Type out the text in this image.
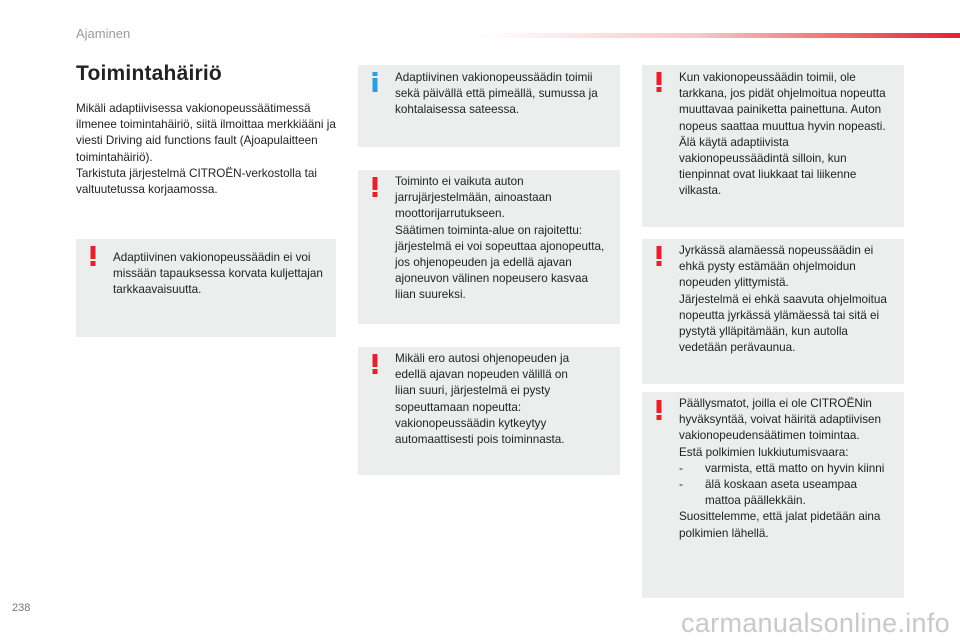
Ajaminen
Toimintahäiriö

Mikäli adaptiivisessa vakionopeussäätimessä ilmenee toimintahäiriö, siitä ilmoittaa merkkiääni ja viesti Driving aid functions fault (Ajoapulaitteen toimintahäiriö).

Tarkistuta järjestelmä CITROËN-verkostolla tai valtuutetussa korjaamossa.

Adaptiivinen vakionopeussäädin ei voi missään tapauksessa korvata kuljettajan tarkkaavaisuutta.

Adaptiivinen vakionopeussäädin toimii sekä päivällä että pimeällä, sumussa ja kohtalaisessa sateessa.

Toiminto ei vaikuta auton jarrujärjestelmään, ainoastaan moottorijarrutukseen.

Säätimen toiminta-alue on rajoitettu: järjestelmä ei voi sopeuttaa ajonopeutta, jos ohjenopeuden ja edellä ajavan ajoneuvon välinen nopeusero kasvaa liian suureksi.

Mikäli ero autosi ohjenopeuden ja edellä ajavan nopeuden välillä on liian suuri, järjestelmä ei pysty sopeuttamaan nopeutta: vakionopeussäädin kytkeytyy automaattisesti pois toiminnasta.

Kun vakionopeussäädin toimii, ole tarkkana, jos pidät ohjelmoitua nopeutta muuttavaa painiketta painettuna. Auton nopeus saattaa muuttua hyvin nopeasti.

Älä käytä adaptiivista vakionopeussäädintä silloin, kun tienpinnat ovat liukkaat tai liikenne vilkasta.

Jyrkässä alamäessä nopeussäädin ei ehkä pysty estämään ohjelmoidun nopeuden ylittymistä.

Järjestelmä ei ehkä saavuta ohjelmoitua nopeutta jyrkässä ylämäessä tai sitä ei pystytä ylläpitämään, kun autolla vedetään perävaunua.

Päällysmatot, joilla ei ole CITROËNin hyväksyntää, voivat häiritä adaptiivisen vakionopeudensäätimen toimintaa.

Estä polkimien lukkiutumisvaara:

-	varmista, että matto on hyvin kiinni
-	älä koskaan aseta useampaa mattoa päällekkäin.

Suosittelemme, että jalat pidetään aina polkimien lähellä.

238	carmanualsonline.info
